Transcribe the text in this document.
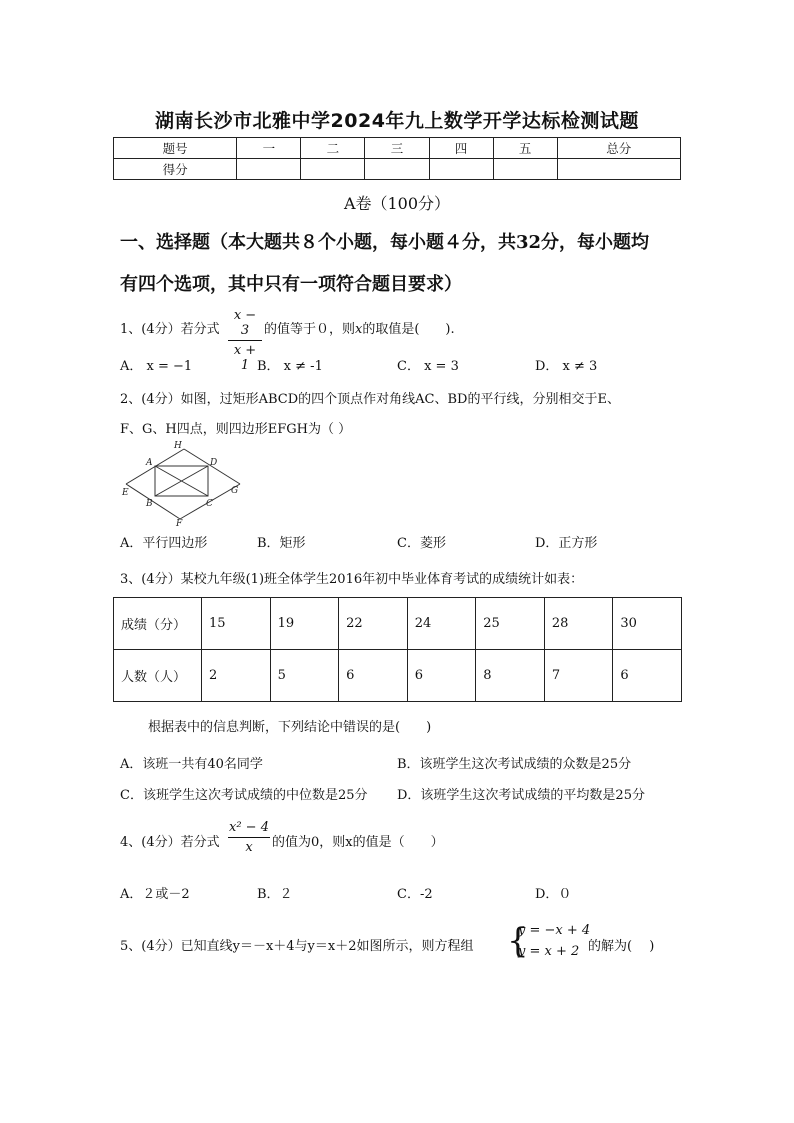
湖南长沙市北雅中学2024年九上数学开学达标检测试题
题号	一	二	三	四	五	总分
得分						
A卷（100分）
一、选择题（本大题共８个小题，每小题４分，共32分，每小题均
有四个选项，其中只有一项符合题目要求）
1、(4分）若分式
x − 3
x + 1
的值等于０，则x的取值是(　　).
A． x = −1	B． x ≠ -1	C． x = 3	D． x ≠ 3
2、(4分）如图，过矩形ABCD的四个顶点作对角线AC、BD的平行线，分别相交于E、
F、G、H四点，则四边形EFGH为（ ）
H
A	D
E
B	C
G
F
A．平行四边形	B．矩形	C．菱形	D．正方形
3、(4分）某校九年级(1)班全体学生2016年初中毕业体育考试的成绩统计如表：
成绩（分）	15	19	22	24	25	28	30
人数（人）	2	5	6	6	8	7	6
根据表中的信息判断，下列结论中错误的是(　　)
A．该班一共有40名同学	B．该班学生这次考试成绩的众数是25分
C．该班学生这次考试成绩的中位数是25分 D．该班学生这次考试成绩的平均数是25分
4、(4分）若分式
x² − 4
x	的值为0，则x的值是（　　）
A．２或－2	B．２	C．-2	D．０
5、(4分）已知直线y＝－x＋4与y＝x＋2如图所示，则方程组 {
y = −x + 4
y = x + 2 的解为(　 )
